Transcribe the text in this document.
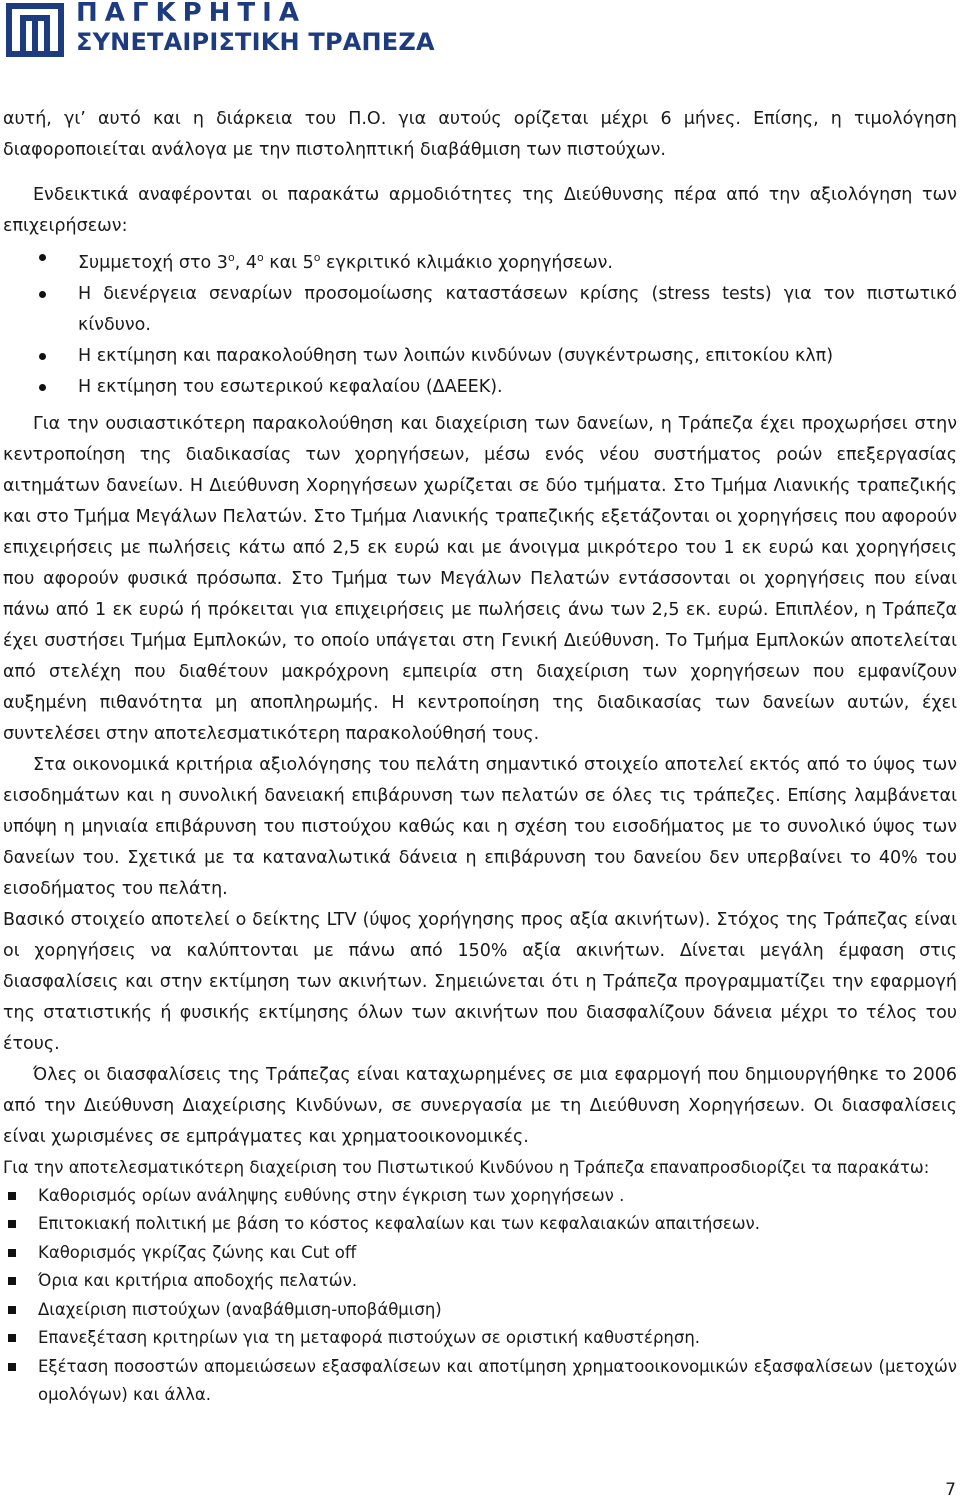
ΠΑΓΚΡΗΤΙΑ
ΣΥΝΕΤΑΙΡΙΣΤΙΚΗ ΤΡΑΠΕΖΑ

αυτή, γι’ αυτό και η διάρκεια του Π.Ο. για αυτούς ορίζεται μέχρι 6 μήνες. Επίσης, η τιμολόγηση διαφοροποιείται ανάλογα με την πιστοληπτική διαβάθμιση των πιστούχων.

Ενδεικτικά αναφέρονται οι παρακάτω αρμοδιότητες της Διεύθυνσης πέρα από την αξιολόγηση των επιχειρήσεων:

Συμμετοχή στο $3^o$, $4^o$ και $5^o$ εγκριτικό κλιμάκιο χορηγήσεων.
Η διενέργεια σεναρίων προσομοίωσης καταστάσεων κρίσης (stress tests) για τον πιστωτικό κίνδυνο.
Η εκτίμηση και παρακολούθηση των λοιπών κινδύνων (συγκέντρωσης, επιτοκίου κλπ)
Η εκτίμηση του εσωτερικού κεφαλαίου (ΔΑΕΕΚ).

Για την ουσιαστικότερη παρακολούθηση και διαχείριση των δανείων, η Τράπεζα έχει προχωρήσει στην κεντροποίηση της διαδικασίας των χορηγήσεων, μέσω ενός νέου συστήματος ροών επεξεργασίας αιτημάτων δανείων. Η Διεύθυνση Χορηγήσεων χωρίζεται σε δύο τμήματα. Στο Τμήμα Λιανικής τραπεζικής και στο Τμήμα Μεγάλων Πελατών. Στο Τμήμα Λιανικής τραπεζικής εξετάζονται οι χορηγήσεις που αφορούν επιχειρήσεις με πωλήσεις κάτω από 2,5 εκ ευρώ και με άνοιγμα μικρότερο του 1 εκ ευρώ και χορηγήσεις που αφορούν φυσικά πρόσωπα. Στο Τμήμα των Μεγάλων Πελατών εντάσσονται οι χορηγήσεις που είναι πάνω από 1 εκ ευρώ ή πρόκειται για επιχειρήσεις με πωλήσεις άνω των 2,5 εκ. ευρώ. Επιπλέον, η Τράπεζα έχει συστήσει Τμήμα Εμπλοκών, το οποίο υπάγεται στη Γενική Διεύθυνση. Το Τμήμα Εμπλοκών αποτελείται από στελέχη που διαθέτουν μακρόχρονη εμπειρία στη διαχείριση των χορηγήσεων που εμφανίζουν αυξημένη πιθανότητα μη αποπληρωμής. Η κεντροποίηση της διαδικασίας των δανείων αυτών, έχει συντελέσει στην αποτελεσματικότερη παρακολούθησή τους.

Στα οικονομικά κριτήρια αξιολόγησης του πελάτη σημαντικό στοιχείο αποτελεί εκτός από το ύψος των εισοδημάτων και η συνολική δανειακή επιβάρυνση των πελατών σε όλες τις τράπεζες. Επίσης λαμβάνεται υπόψη η μηνιαία επιβάρυνση του πιστούχου καθώς και η σχέση του εισοδήματος με το συνολικό ύψος των δανείων του. Σχετικά με τα καταναλωτικά δάνεια η επιβάρυνση του δανείου δεν υπερβαίνει το 40% του εισοδήματος του πελάτη.

Βασικό στοιχείο αποτελεί ο δείκτης LTV (ύψος χορήγησης προς αξία ακινήτων). Στόχος της Τράπεζας είναι οι χορηγήσεις να καλύπτονται με πάνω από 150% αξία ακινήτων. Δίνεται μεγάλη έμφαση στις διασφαλίσεις και στην εκτίμηση των ακινήτων. Σημειώνεται ότι η Τράπεζα προγραμματίζει την εφαρμογή της στατιστικής ή φυσικής εκτίμησης όλων των ακινήτων που διασφαλίζουν δάνεια μέχρι το τέλος του έτους.

Όλες οι διασφαλίσεις της Τράπεζας είναι καταχωρημένες σε μια εφαρμογή που δημιουργήθηκε το 2006 από την Διεύθυνση Διαχείρισης Κινδύνων, σε συνεργασία με τη Διεύθυνση Χορηγήσεων. Οι διασφαλίσεις είναι χωρισμένες σε εμπράγματες και χρηματοοικονομικές.

Για την αποτελεσματικότερη διαχείριση του Πιστωτικού Κινδύνου η Τράπεζα επαναπροσδιορίζει τα παρακάτω:

Καθορισμός ορίων ανάληψης ευθύνης στην έγκριση των χορηγήσεων .
Επιτοκιακή πολιτική με βάση το κόστος κεφαλαίων και των κεφαλαιακών απαιτήσεων.
Καθορισμός γκρίζας ζώνης και Cut off
Όρια και κριτήρια αποδοχής πελατών.
Διαχείριση πιστούχων (αναβάθμιση-υποβάθμιση)
Επανεξέταση κριτηρίων για τη μεταφορά πιστούχων σε οριστική καθυστέρηση.
Εξέταση ποσοστών απομειώσεων εξασφαλίσεων και αποτίμηση χρηματοοικονομικών εξασφαλίσεων (μετοχών ομολόγων) και άλλα.
7
